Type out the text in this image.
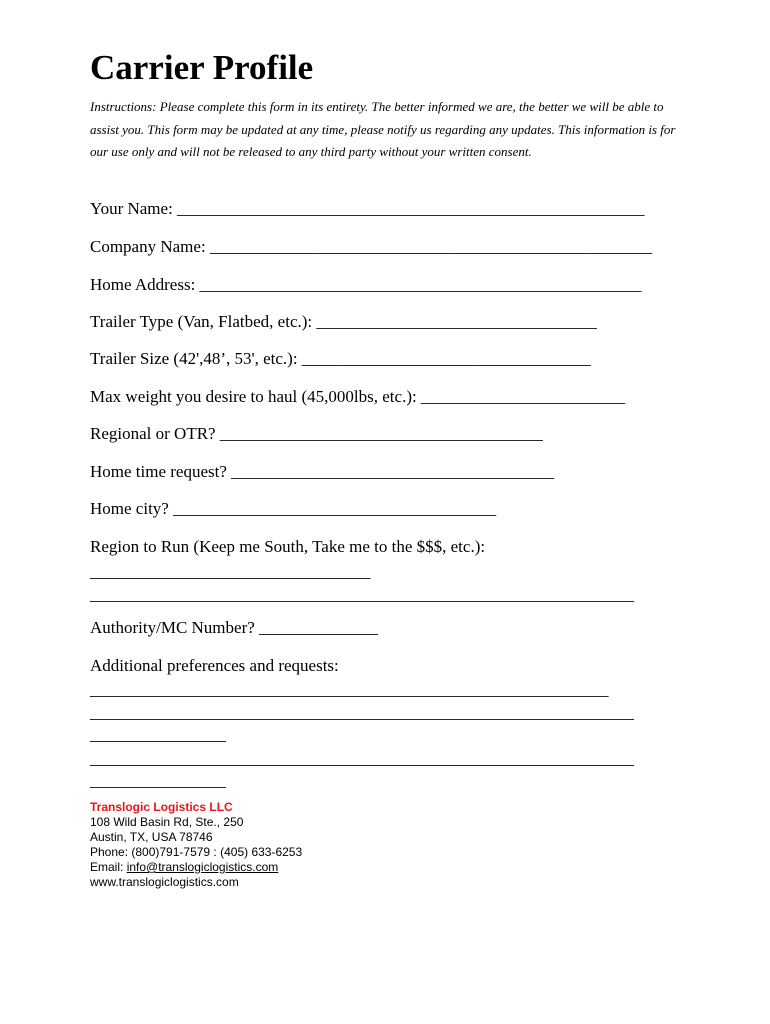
Carrier Profile
Instructions: Please complete this form in its entirety. The better informed we are, the better we will be able to assist you. This form may be updated at any time, please notify us regarding any updates. This information is for our use only and will not be released to any third party without your written consent.
Your Name: _______________________________________________________
Company Name: ____________________________________________________
Home Address: ____________________________________________________
Trailer Type (Van, Flatbed, etc.): _________________________________
Trailer Size (42',48’, 53', etc.): __________________________________
Max weight you desire to haul (45,000lbs, etc.): ________________________
Regional or OTR? ______________________________________
Home time request? ______________________________________
Home city? ______________________________________
Region to Run (Keep me South, Take me to the $$$, etc.):
_________________________________
________________________________________________________________
Authority/MC Number? ______________
Additional preferences and requests:
_____________________________________________________________
________________________________________________________________
________________
________________________________________________________________
________________
Translogic Logistics LLC
108 Wild Basin Rd, Ste., 250
Austin, TX, USA 78746
Phone: (800)791-7579 : (405) 633-6253
Email: info@translogiclogistics.com
www.translogiclogistics.com
